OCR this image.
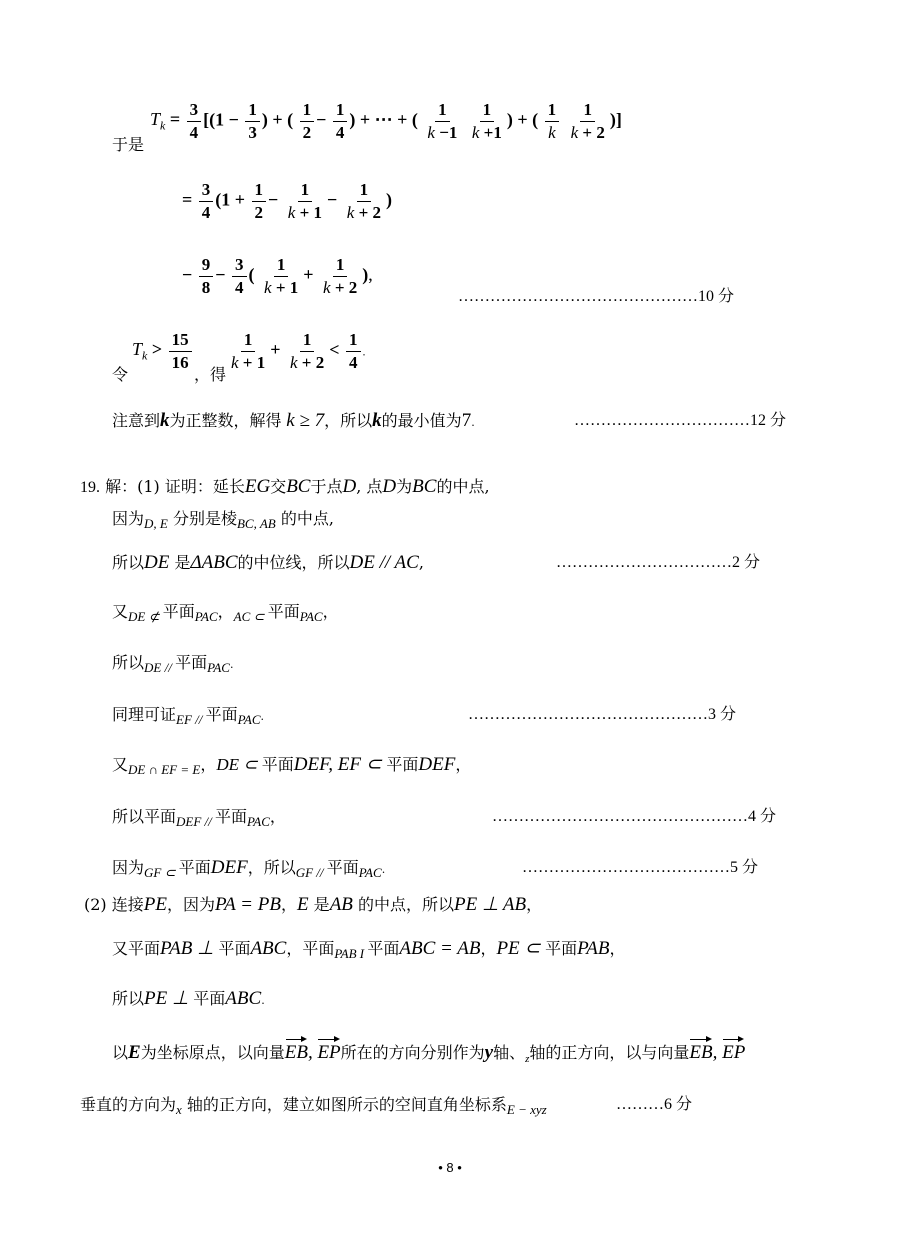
于是
$T_k = \frac{3}{4} [(1 - \frac{1}{3}$ ) + ( $\frac{1}{2} - \frac{1}{4}$ ) + ⋯ + ( $\frac{1}{k -1}$
$\frac{1}{k +1}$ ) + ( $\frac{1}{k}$
$\frac{1}{k + 2}$ )]
= $\frac{3}{4} (1 + \frac{1}{2} - \frac{1}{k + 1} - \frac{1}{k + 2}$ )
− $\frac{9}{8} - \frac{3}{4}$ ( $\frac{1}{k + 1} + \frac{1}{k + 2}$ ),
………………………………………10 分
令
$T_k > \frac{15}{16}$
，得
$\frac{1}{k + 1} + \frac{1}{k + 2} < \frac{1}{4}$ .
注意到k为正整数，解得 k ≥ 7，所以k的最小值为7.	……………………………12 分
19. 解：(1) 证明：延长EG交BC于点D, 点D为BC的中点,
因为$_{D, E}$ 分别是棱$_{BC, AB}$ 的中点,
所以DE 是ΔABC的中位线，所以DE // AC,	……………………………2 分
又$_{DE ⊄}$ 平面$_{PAC}$，$_{AC \subset}$ 平面$_{PAC}$，
所以$_{DE //}$ 平面$_{PAC}$.
同理可证$_{EF //}$ 平面$_{PAC}$.	………………………………………3 分
又$_{DE \cap EF = E}$，DE ⊂ 平面DEF, EF ⊂ 平面DEF，
所以平面$_{DEF //}$ 平面$_{PAC}$，	…………………………………………4 分
因为$_{GF \subset}$ 平面DEF，所以$_{GF //}$ 平面$_{PAC}$.	…………………………………5 分
(2) 连接PE，因为PA = PB，E 是AB 的中点，所以PE ⊥ AB，
又平面PAB ⊥ 平面ABC，平面$_{PAB I}$ 平面ABC = AB，PE ⊂ 平面PAB，
所以PE ⊥ 平面ABC.
以E为坐标原点，以向量EB, EP所在的方向分别作为y轴、$_z$轴的正方向，以与向量EB, EP
垂直的方向为$_x$ 轴的正方向，建立如图所示的空间直角坐标系$_{E - xyz}$	………6 分
• 8 •
